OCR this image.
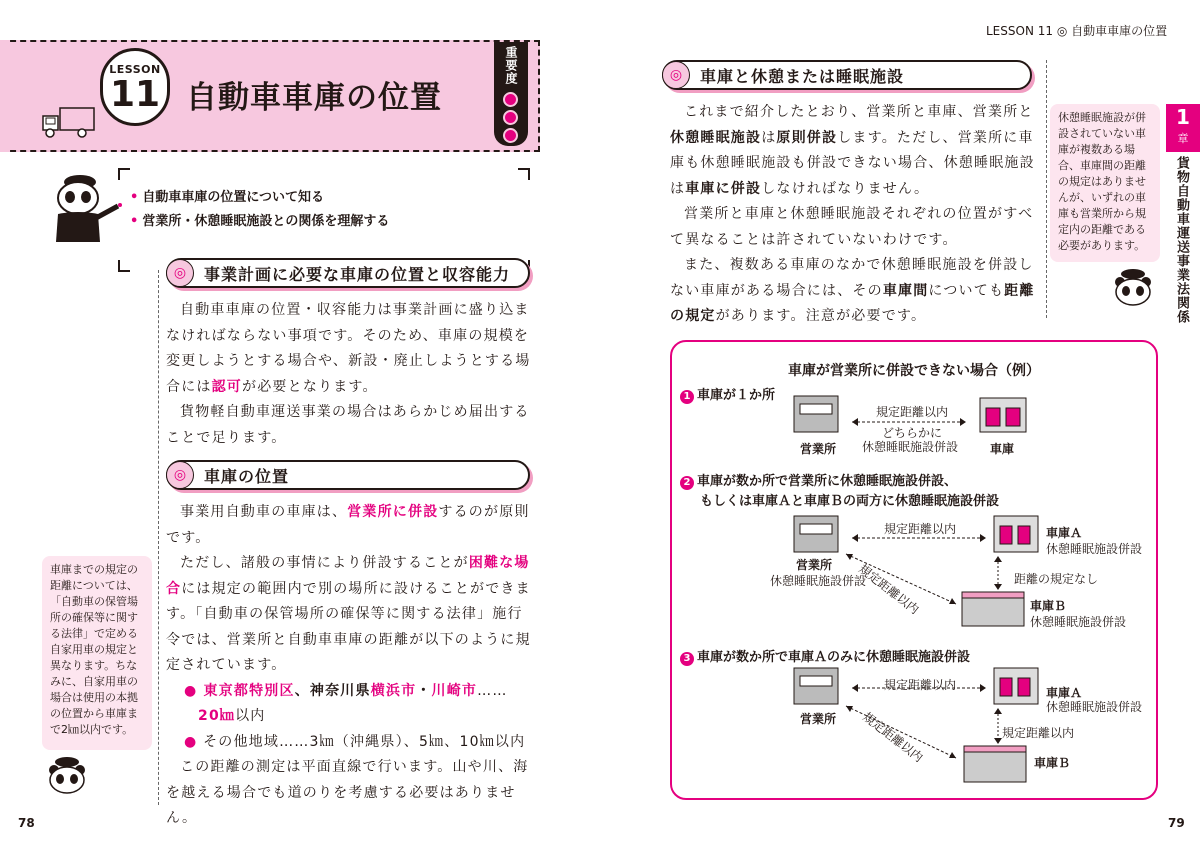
LESSON
11 自動車車庫の位置
重要度
• 自動車車庫の位置について知る
• 営業所・休憩睡眠施設との関係を理解する
◎	事業計画に必要な車庫の位置と収容能力
自動車車庫の位置・収容能力は事業計画に盛り込ま
なければならない事項です。そのため、車庫の規模を
変更しようとする場合や、新設・廃止しようとする場
合には認可が必要となります。
貨物軽自動車運送事業の場合はあらかじめ届出する
ことで足ります。
◎	車庫の位置
事業用自動車の車庫は、営業所に併設するのが原則
です。
ただし、諸般の事情により併設することが困難な場
合には規定の範囲内で別の場所に設けることができま
す。「自動車の保管場所の確保等に関する法律」施行
令では、営業所と自動車車庫の距離が以下のように規
定されています。
● 東京都特別区、神奈川県横浜市・川崎市……
20㎞以内
● その他地域……3㎞（沖縄県）、5㎞、10㎞以内
この距離の測定は平面直線で行います。山や川、海
を越える場合でも道のりを考慮する必要はありません。
車庫までの規定の距離については、「自動車の保管場所の確保等に関する法律」で定める自家用車の規定と異なります。ちなみに、自家用車の場合は使用の本拠の位置から車庫まで2㎞以内です。
78
LESSON 11 ◎ 自動車車庫の位置
◎	車庫と休憩または睡眠施設
これまで紹介したとおり、営業所と車庫、営業所と
休憩睡眠施設は原則併設します。ただし、営業所に車
庫も休憩睡眠施設も併設できない場合、休憩睡眠施設
は車庫に併設しなければなりません。
営業所と車庫と休憩睡眠施設それぞれの位置がすべ
て異なることは許されていないわけです。
また、複数ある車庫のなかで休憩睡眠施設を併設し
ない車庫がある場合には、その車庫間についても距離
の規定があります。注意が必要です。
休憩睡眠施設が併設されていない車庫が複数ある場合、車庫間の距離の規定はありませんが、いずれの車庫も営業所から規定内の距離である必要があります。
1
章
貨物自動車運送事業法関係
車庫が営業所に併設できない場合（例）
1 車庫が１か所
規定距離以内
どちらかに
休憩睡眠施設併設
営業所	車庫
2 車庫が数か所で営業所に休憩睡眠施設併設、
もしくは車庫Ａと車庫Ｂの両方に休憩睡眠施設併設
規定距離以内
規定距離以内
営業所
休憩睡眠施設併設
車庫Ａ
休憩睡眠施設併設
距離の規定なし
車庫Ｂ
休憩睡眠施設併設
3 車庫が数か所で車庫Ａのみに休憩睡眠施設併設
規定距離以内
規定距離以内
営業所
車庫Ａ
休憩睡眠施設併設
規定距離以内
車庫Ｂ
79
